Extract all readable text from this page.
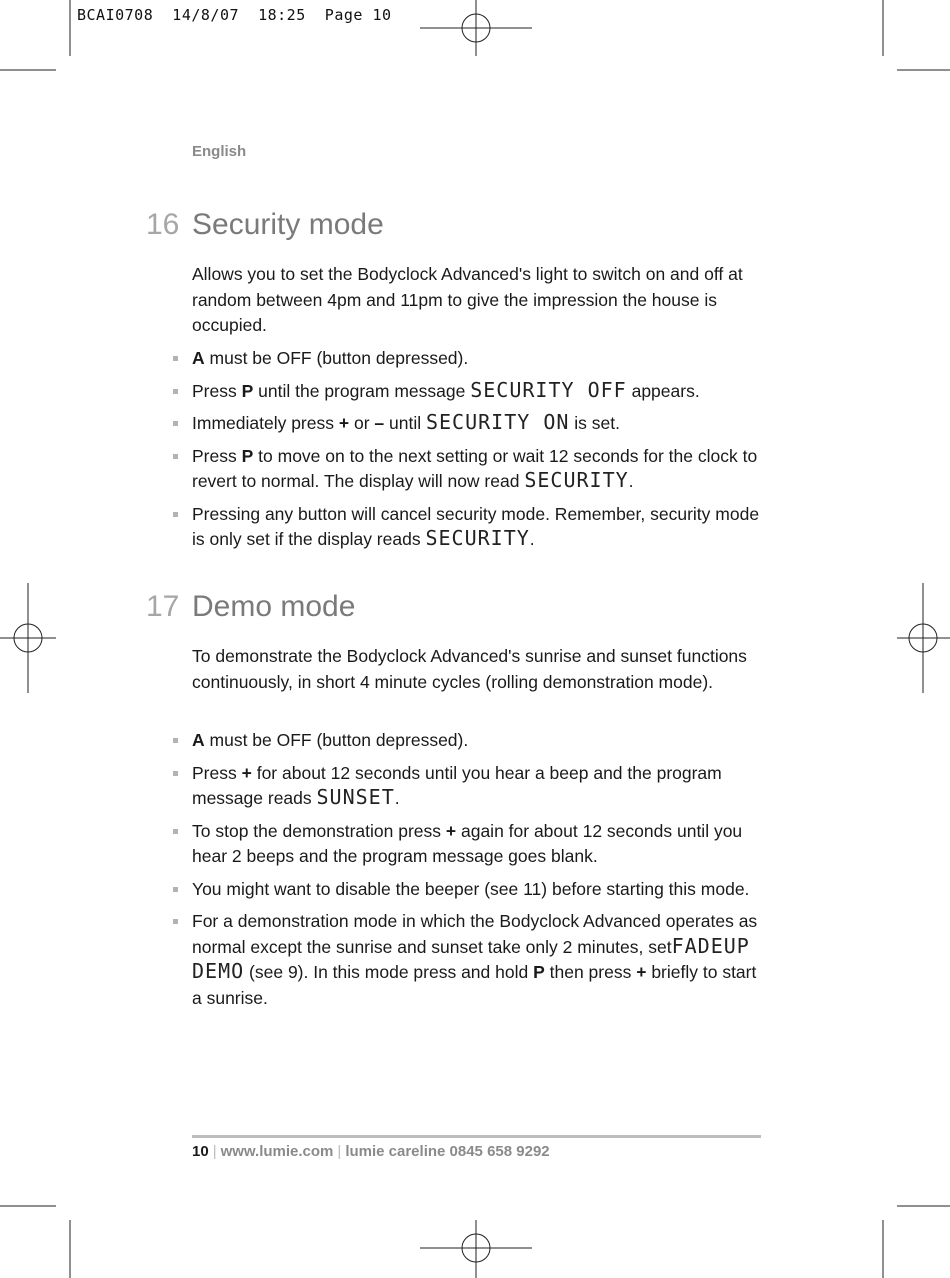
BCAI0708  14/8/07  18:25  Page 10
English
16 Security mode

Allows you to set the Bodyclock Advanced's light to switch on and off at random between 4pm and 11pm to give the impression the house is occupied.

A must be OFF (button depressed).
Press P until the program message SECURITY OFF appears.
Immediately press + or – until SECURITY ON is set.
Press P to move on to the next setting or wait 12 seconds for the clock to revert to normal. The display will now read SECURITY.
Pressing any button will cancel security mode. Remember, security mode is only set if the display reads SECURITY.
17 Demo mode

To demonstrate the Bodyclock Advanced's sunrise and sunset functions continuously, in short 4 minute cycles (rolling demonstration mode).

A must be OFF (button depressed).
Press + for about 12 seconds until you hear a beep and the program message reads SUNSET.
To stop the demonstration press + again for about 12 seconds until you hear 2 beeps and the program message goes blank.
You might want to disable the beeper (see 11) before starting this mode.
For a demonstration mode in which the Bodyclock Advanced operates as normal except the sunrise and sunset take only 2 minutes, setFADEUP DEMO (see 9). In this mode press and hold P then press + briefly to start a sunrise.
10 | www.lumie.com | lumie careline 0845 658 9292
